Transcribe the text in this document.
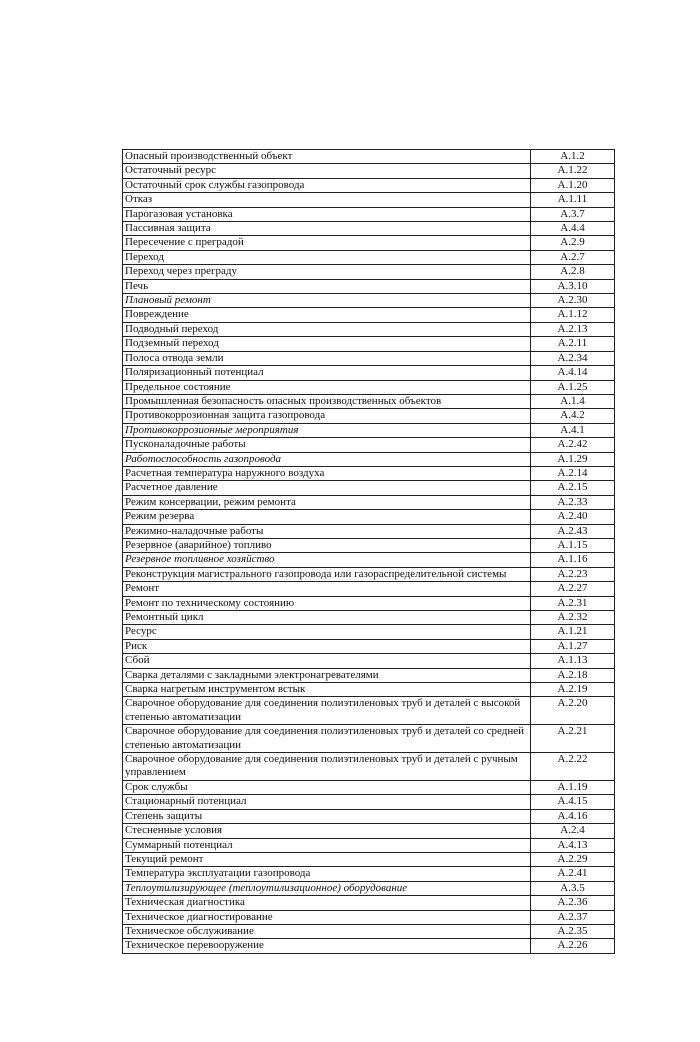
Опасный производственный объект	А.1.2
Остаточный ресурс	А.1.22
Остаточный срок службы газопровода	А.1.20
Отказ	А.1.11
Парогазовая установка	А.3.7
Пассивная защита	А.4.4
Пересечение с преградой	А.2.9
Переход	А.2.7
Переход через преграду	А.2.8
Печь	А.3.10
Плановый ремонт	А.2.30
Повреждение	А.1.12
Подводный переход	А.2.13
Подземный переход	А.2.11
Полоса отвода земли	А.2.34
Поляризационный потенциал	А.4.14
Предельное состояние	А.1.25
Промышленная безопасность опасных производственных объектов	А.1.4
Противокоррозионная защита газопровода	А.4.2
Противокоррозионные мероприятия	А.4.1
Пусконаладочные работы	А.2.42
Работоспособность газопровода	А.1.29
Расчетная температура наружного воздуха	А.2.14
Расчетное давление	А.2.15
Режим консервации, режим ремонта	А.2.33
Режим резерва	А.2.40
Режимно-наладочные работы	А.2.43
Резервное (аварийное) топливо	А.1.15
Резервное топливное хозяйство	А.1.16
Реконструкция магистрального газопровода или газораспределительной системы	А.2.23
Ремонт	А.2.27
Ремонт по техническому состоянию	А.2.31
Ремонтный цикл	А.2.32
Ресурс	А.1.21
Риск	А.1.27
Сбой	А.1.13
Сварка деталями с закладными электронагревателями	А.2.18
Сварка нагретым инструментом встык	А.2.19
Сварочное оборудование для соединения полиэтиленовых труб и деталей с высокой степенью автоматизации	А.2.20
Сварочное оборудование для соединения полиэтиленовых труб и деталей со средней степенью автоматизации	А.2.21
Сварочное оборудование для соединения полиэтиленовых труб и деталей с ручным управлением	А.2.22
Срок службы	А.1.19
Стационарный потенциал	А.4.15
Степень защиты	А.4.16
Стесненные условия	А.2.4
Суммарный потенциал	А.4.13
Текущий ремонт	А.2.29
Температура эксплуатации газопровода	А.2.41
Теплоутилизирующее (теплоутилизационное) оборудование	А.3.5
Техническая диагностика	А.2.36
Техническое диагностирование	А.2.37
Техническое обслуживание	А.2.35
Техническое перевооружение	А.2.26
